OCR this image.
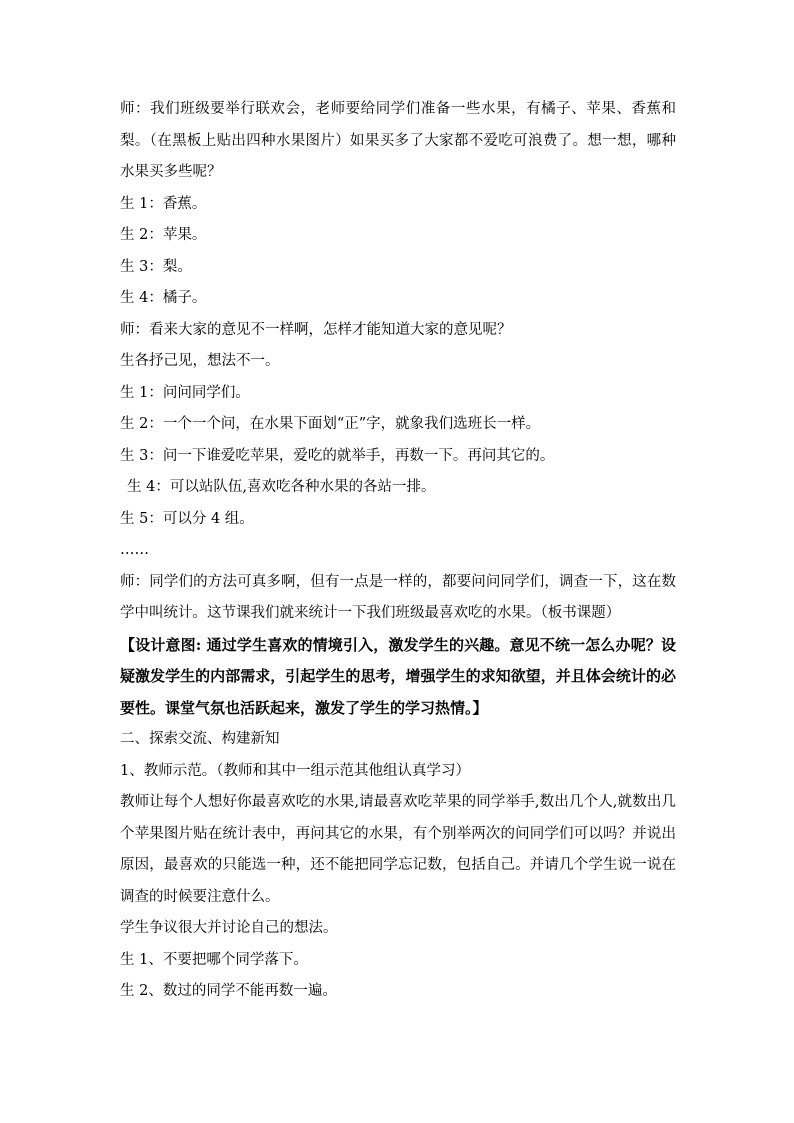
师：我们班级要举行联欢会，老师要给同学们准备一些水果，有橘子、苹果、香蕉和梨。（在黑板上贴出四种水果图片）如果买多了大家都不爱吃可浪费了。想一想，哪种水果买多些呢？

生 1：香蕉。

生 2：苹果。

生 3：梨。

生 4：橘子。

师：看来大家的意见不一样啊，怎样才能知道大家的意见呢？

生各抒己见，想法不一。

生 1：问问同学们。

生 2：一个一个问，在水果下面划“正”字，就象我们选班长一样。

生 3：问一下谁爱吃苹果，爱吃的就举手，再数一下。再问其它的。

生 4：可以站队伍,喜欢吃各种水果的各站一排。

生 5：可以分 4 组。

……

师：同学们的方法可真多啊，但有一点是一样的，都要问问同学们，调查一下，这在数学中叫统计。这节课我们就来统计一下我们班级最喜欢吃的水果。（板书课题）

【设计意图: 通过学生喜欢的情境引入，激发学生的兴趣。意见不统一怎么办呢？设疑激发学生的内部需求，引起学生的思考，增强学生的求知欲望，并且体会统计的必要性。课堂气氛也活跃起来，激发了学生的学习热情。】

二、探索交流、构建新知

1、教师示范。（教师和其中一组示范其他组认真学习）

教师让每个人想好你最喜欢吃的水果,请最喜欢吃苹果的同学举手,数出几个人,就数出几个苹果图片贴在统计表中，再问其它的水果，有个别举两次的问同学们可以吗？并说出原因，最喜欢的只能选一种，还不能把同学忘记数，包括自己。并请几个学生说一说在调查的时候要注意什么。

学生争议很大并讨论自己的想法。

生 1、不要把哪个同学落下。

生 2、数过的同学不能再数一遍。
